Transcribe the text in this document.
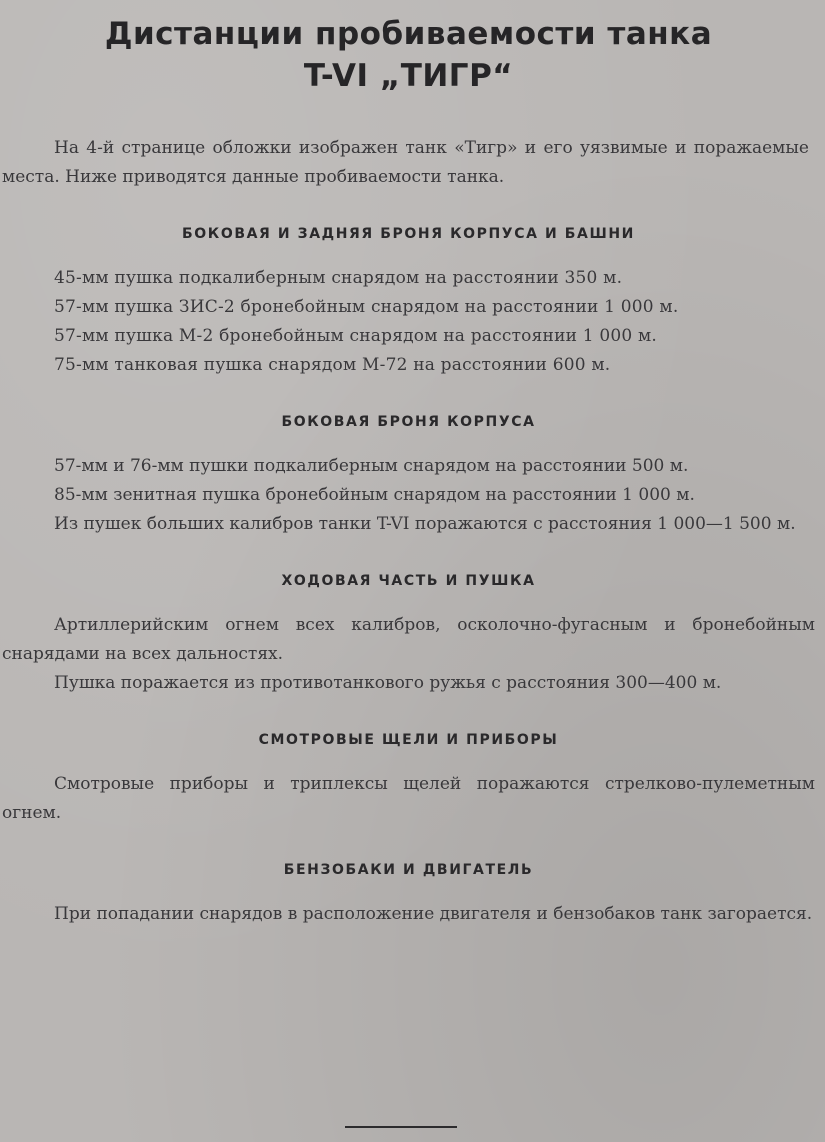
Дистанции пробиваемости танка
T-VI „ТИГР“

На 4-й странице обложки изображен танк «Тигр» и его уязвимые и поражаемые места. Ниже приводятся данные пробиваемости танка.

БОКОВАЯ И ЗАДНЯЯ БРОНЯ КОРПУСА И БАШНИ

45-мм пушка подкалиберным снарядом на расстоянии 350 м.

57-мм пушка ЗИС-2 бронебойным снарядом на расстоянии 1 000 м.

57-мм пушка М-2 бронебойным снарядом на расстоянии 1 000 м.

75-мм танковая пушка снарядом М-72 на расстоянии 600 м.

БОКОВАЯ БРОНЯ КОРПУСА

57-мм и 76-мм пушки подкалиберным снарядом на расстоянии 500 м.

85-мм зенитная пушка бронебойным снарядом на расстоянии 1 000 м.

Из пушек больших калибров танки T-VI поражаются с расстояния 1 000—1 500 м.

ХОДОВАЯ ЧАСТЬ И ПУШКА

Артиллерийским огнем всех калибров, осколочно-фугасным и бронебойным снарядами на всех дальностях.

Пушка поражается из противотанкового ружья с расстояния 300—400 м.

СМОТРОВЫЕ ЩЕЛИ И ПРИБОРЫ

Смотровые приборы и триплексы щелей поражаются стрелково-пулеметным огнем.

БЕНЗОБАКИ И ДВИГАТЕЛЬ

При попадании снарядов в расположение двигателя и бензобаков танк загорается.
